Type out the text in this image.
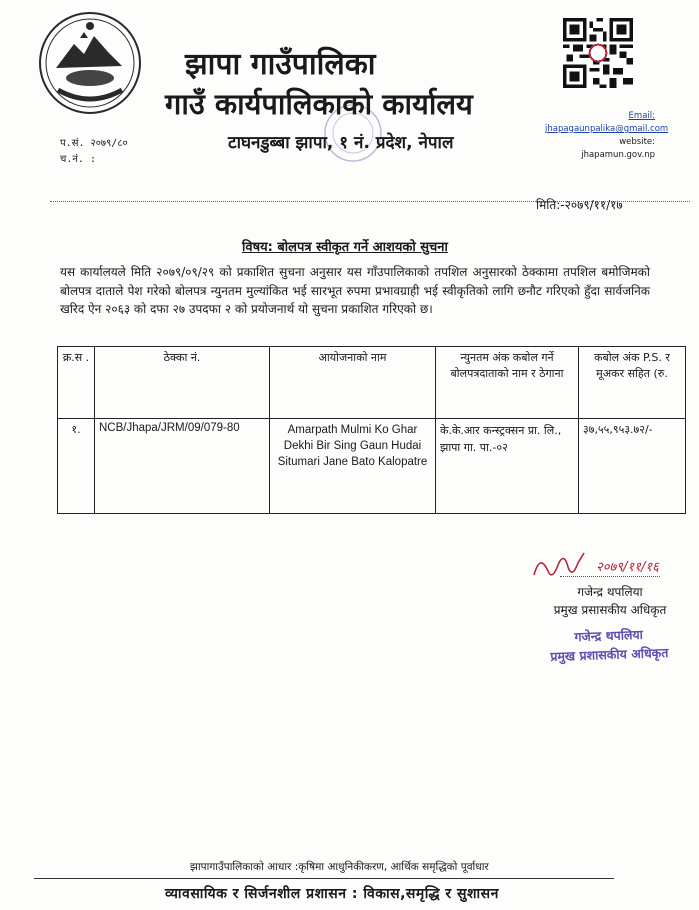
झापा गाउँपालिका
गाउँ कार्यपालिकाको कार्यालय
टाघनडुब्बा झापा, १ नं. प्रदेश, नेपाल
Email: jhapagaunpalika@gmail.com
website: jhapamun.gov.np
प.सं. २०७९/८०
च.नं. :
मिति:-२०७९/११/१७
विषय: बोलपत्र स्वीकृत गर्ने आशयको सुचना
यस कार्यालयले मिति २०७९/०९/२९ को प्रकाशित सुचना अनुसार यस गाँउपालिकाको तपशिल अनुसारको ठेक्कामा तपशिल बमोजिमको बोलपत्र दाताले पेश गरेको बोलपत्र न्युनतम मुल्यांकित भई सारभूत रुपमा प्रभावग्राही भई स्वीकृतिको लागि छनौट गरिएको हुँदा सार्वजनिक खरिद ऐन २०६३ को दफा २७ उपदफा २ को प्रयोजनार्थ यो सुचना प्रकाशित गरिएको छ।
क्र.स .	ठेक्का नं.	आयोजनाको नाम	न्युनतम अंक कबोल गर्ने बोलपत्रदाताको नाम र ठेगाना	कबोल अंक P.S. र मूअकर सहित (रु.
१.	NCB/Jhapa/JRM/09/079-80	Amarpath Mulmi Ko Ghar Dekhi Bir Sing Gaun Hudai Situmari Jane Bato Kalopatre	के.के.आर कन्स्ट्रक्सन प्रा. लि., झापा गा. पा.-०२	३७,५५,९५३.७२/-
२०७९/११/१६
गजेन्द्र थपलिया
प्रमुख प्रसासकीय अधिकृत
गजेन्द्र थपलिया
प्रमुख प्रशासकीय अधिकृत
झापागाउँपालिकाको आधार :कृषिमा आधुनिकीकरण, आर्थिक समृद्धिको पूर्वाधार
व्यावसायिक र सिर्जनशील प्रशासन : विकास,समृद्धि र सुशासन
